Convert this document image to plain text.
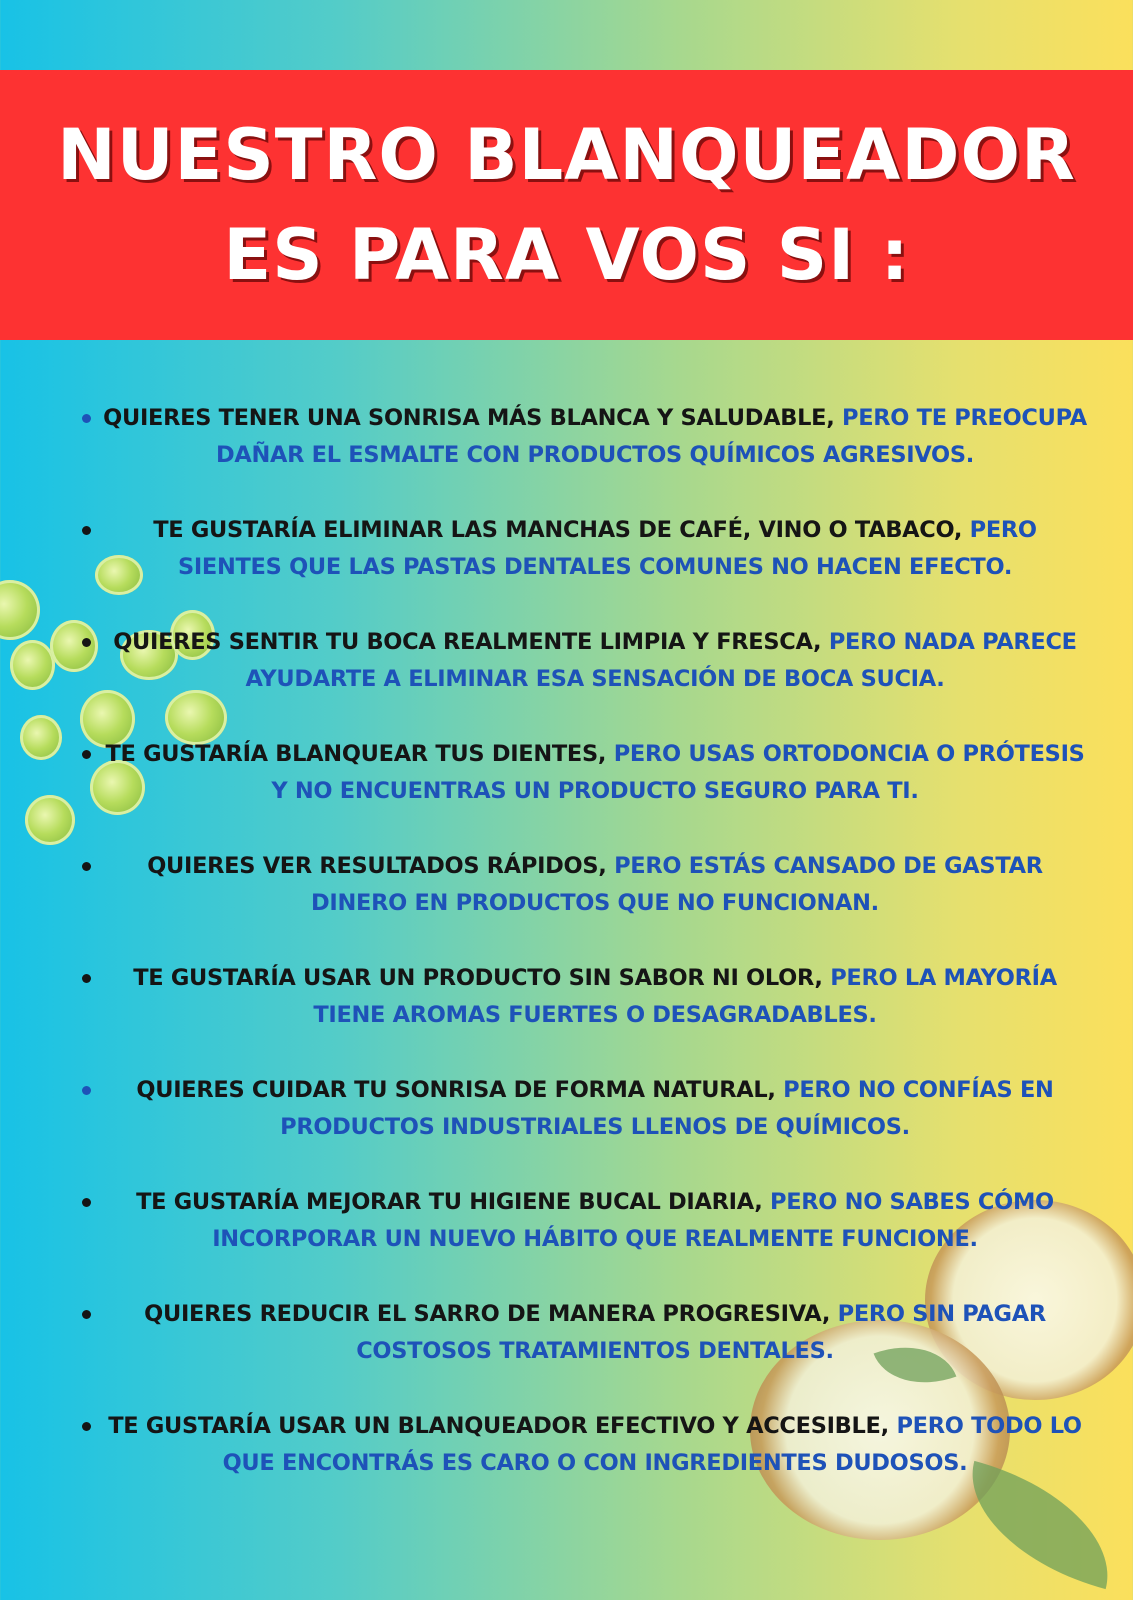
NUESTRO BLANQUEADOR
ES PARA VOS SI :
QUIERES TENER UNA SONRISA MÁS BLANCA Y SALUDABLE, PERO TE PREOCUPA DAÑAR EL ESMALTE CON PRODUCTOS QUÍMICOS AGRESIVOS.
TE GUSTARÍA ELIMINAR LAS MANCHAS DE CAFÉ, VINO O TABACO, PERO SIENTES QUE LAS PASTAS DENTALES COMUNES NO HACEN EFECTO.
QUIERES SENTIR TU BOCA REALMENTE LIMPIA Y FRESCA, PERO NADA PARECE AYUDARTE A ELIMINAR ESA SENSACIÓN DE BOCA SUCIA.
TE GUSTARÍA BLANQUEAR TUS DIENTES, PERO USAS ORTODONCIA O PRÓTESIS Y NO ENCUENTRAS UN PRODUCTO SEGURO PARA TI.
QUIERES VER RESULTADOS RÁPIDOS, PERO ESTÁS CANSADO DE GASTAR DINERO EN PRODUCTOS QUE NO FUNCIONAN.
TE GUSTARÍA USAR UN PRODUCTO SIN SABOR NI OLOR, PERO LA MAYORÍA TIENE AROMAS FUERTES O DESAGRADABLES.
QUIERES CUIDAR TU SONRISA DE FORMA NATURAL, PERO NO CONFÍAS EN PRODUCTOS INDUSTRIALES LLENOS DE QUÍMICOS.
TE GUSTARÍA MEJORAR TU HIGIENE BUCAL DIARIA, PERO NO SABES CÓMO INCORPORAR UN NUEVO HÁBITO QUE REALMENTE FUNCIONE.
QUIERES REDUCIR EL SARRO DE MANERA PROGRESIVA, PERO SIN PAGAR COSTOSOS TRATAMIENTOS DENTALES.
TE GUSTARÍA USAR UN BLANQUEADOR EFECTIVO Y ACCESIBLE, PERO TODO LO QUE ENCONTRÁS ES CARO O CON INGREDIENTES DUDOSOS.
